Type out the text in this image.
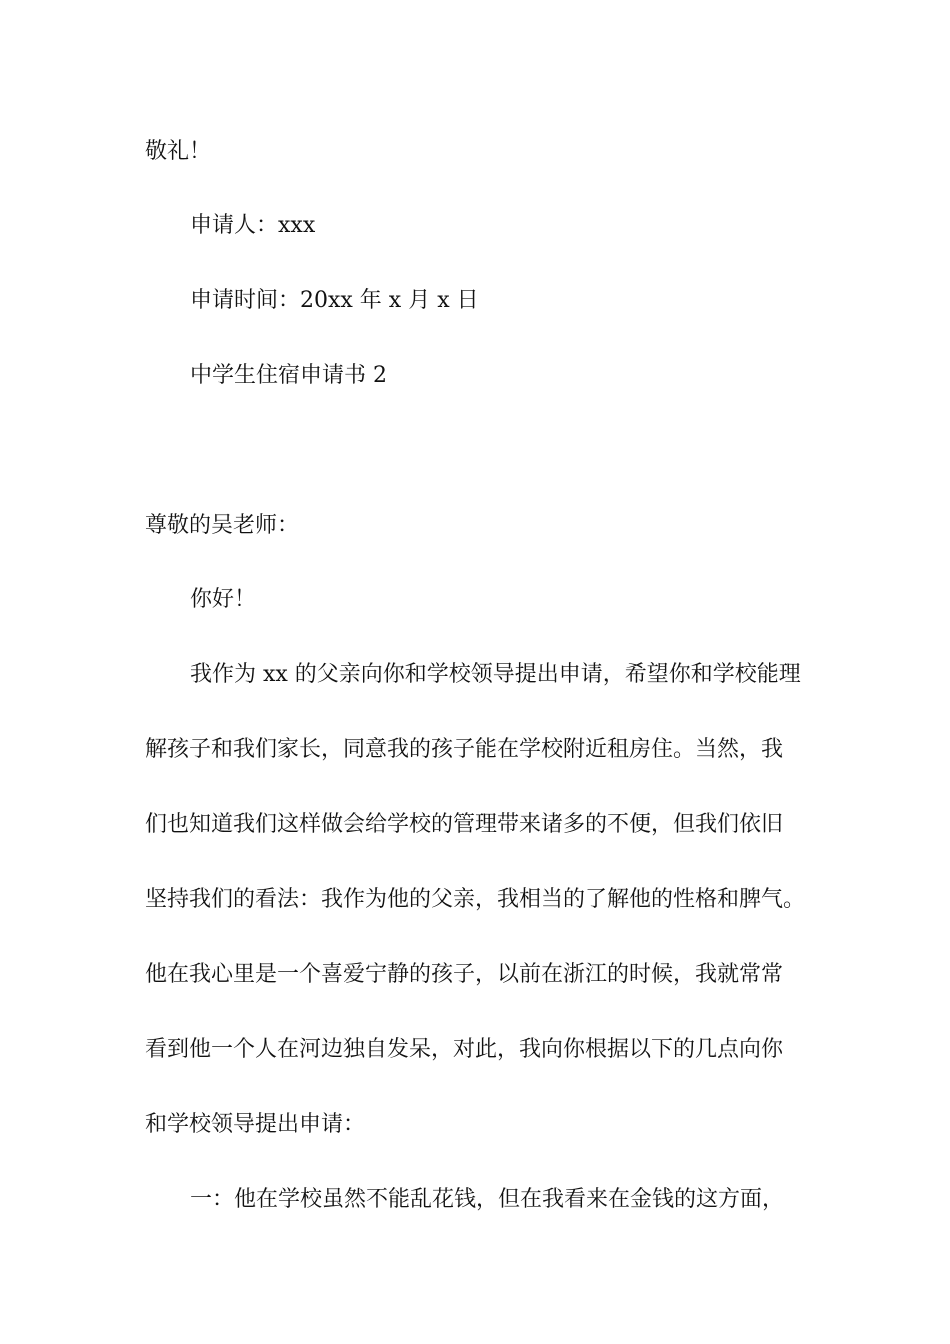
敬礼！
申请人：xxx
申请时间：20xx 年 x 月 x 日
中学生住宿申请书 2
尊敬的吴老师：
你好！
我作为 xx 的父亲向你和学校领导提出申请，希望你和学校能理
解孩子和我们家长，同意我的孩子能在学校附近租房住。当然，我
们也知道我们这样做会给学校的管理带来诸多的不便，但我们依旧
坚持我们的看法：我作为他的父亲，我相当的了解他的性格和脾气。
他在我心里是一个喜爱宁静的孩子，以前在浙江的时候，我就常常
看到他一个人在河边独自发呆，对此，我向你根据以下的几点向你
和学校领导提出申请：
一：他在学校虽然不能乱花钱，但在我看来在金钱的这方面，
